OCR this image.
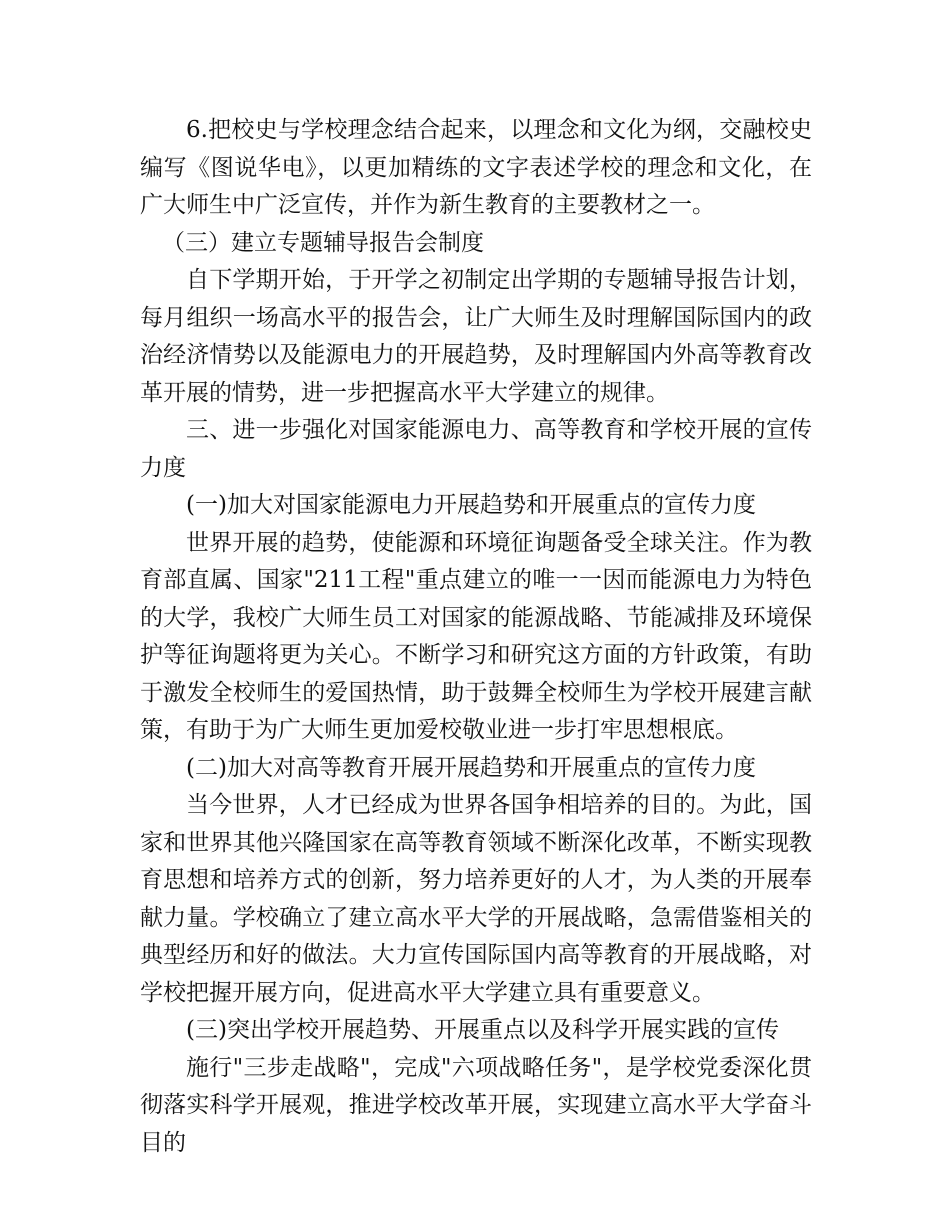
6.把校史与学校理念结合起来，以理念和文化为纲，交融校史编写《图说华电》，以更加精练的文字表述学校的理念和文化，在广大师生中广泛宣传，并作为新生教育的主要教材之一。

（三）建立专题辅导报告会制度

自下学期开始，于开学之初制定出学期的专题辅导报告计划，每月组织一场高水平的报告会，让广大师生及时理解国际国内的政治经济情势以及能源电力的开展趋势，及时理解国内外高等教育改革开展的情势，进一步把握高水平大学建立的规律。

三、进一步强化对国家能源电力、高等教育和学校开展的宣传力度

(一)加大对国家能源电力开展趋势和开展重点的宣传力度

世界开展的趋势，使能源和环境征询题备受全球关注。作为教育部直属、国家"211工程"重点建立的唯一一因而能源电力为特色的大学，我校广大师生员工对国家的能源战略、节能减排及环境保护等征询题将更为关心。不断学习和研究这方面的方针政策，有助于激发全校师生的爱国热情，助于鼓舞全校师生为学校开展建言献策，有助于为广大师生更加爱校敬业进一步打牢思想根底。

(二)加大对高等教育开展开展趋势和开展重点的宣传力度

当今世界，人才已经成为世界各国争相培养的目的。为此，国家和世界其他兴隆国家在高等教育领域不断深化改革，不断实现教育思想和培养方式的创新，努力培养更好的人才，为人类的开展奉献力量。学校确立了建立高水平大学的开展战略，急需借鉴相关的典型经历和好的做法。大力宣传国际国内高等教育的开展战略，对学校把握开展方向，促进高水平大学建立具有重要意义。

(三)突出学校开展趋势、开展重点以及科学开展实践的宣传

施行"三步走战略"，完成"六项战略任务"，是学校党委深化贯彻落实科学开展观，推进学校改革开展，实现建立高水平大学奋斗目的
